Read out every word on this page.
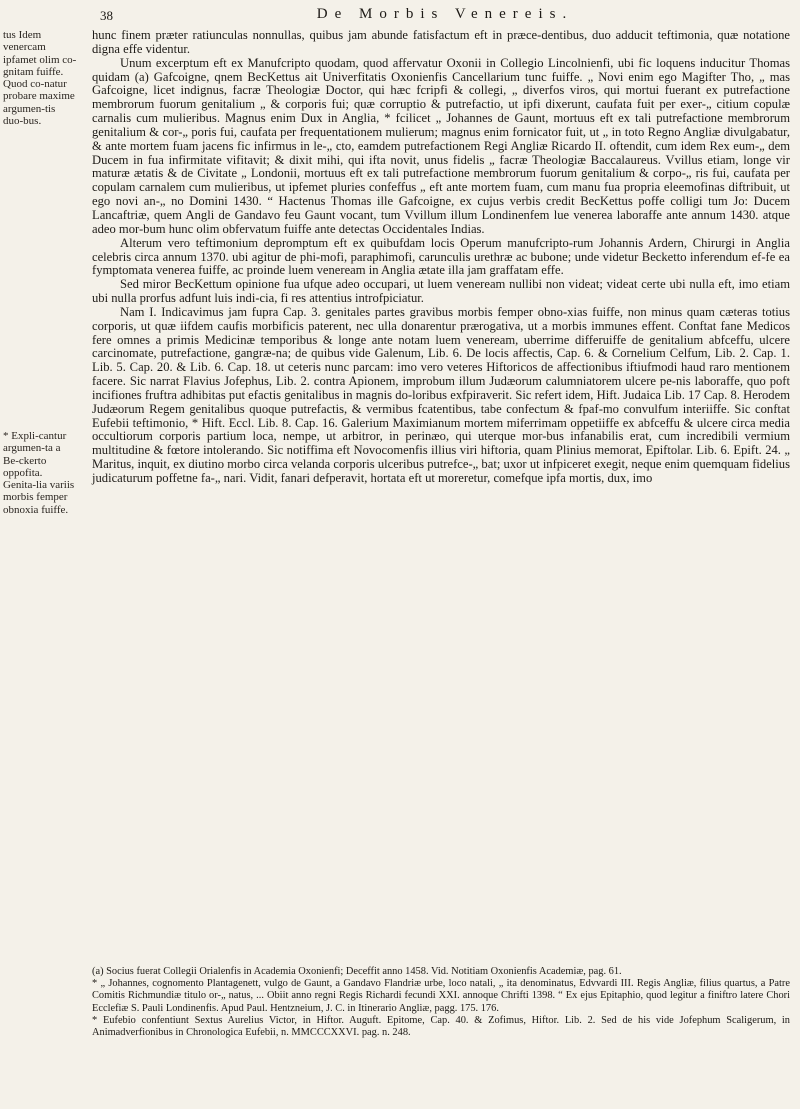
38	De Morbis Venereis.
tus Idem venercam ipfamet olim co-gnitam fuiffe. Quod co-natur probare maxime argumen-tis duo-bus.
* Expli-cantur argumen-ta a Be-ckerto oppofita. Genita-lia variis morbis femper obnoxia fuiffe.

hunc finem præter ratiunculas nonnullas, quibus jam abunde fatisfactum eft in præce-dentibus, duo adducit teftimonia, quæ notatione digna effe videntur.

Unum excerptum eft ex Manufcripto quodam, quod affervatur Oxonii in Collegio Lincolnienfi, ubi fic loquens inducitur Thomas quidam (a) Gafcoigne, qnem BecKettus ait Univerfitatis Oxonienfis Cancellarium tunc fuiffe. „ Novi enim ego Magifter Tho, „ mas Gafcoigne, licet indignus, facræ Theologiæ Doctor, qui hæc fcripfi & collegi, „ diverfos viros, qui mortui fuerant ex putrefactione membrorum fuorum genitalium „ & corporis fui; quæ corruptio & putrefactio, ut ipfi dixerunt, caufata fuit per exer-„ citium copulæ carnalis cum mulieribus. Magnus enim Dux in Anglia, * fcilicet „ Johannes de Gaunt, mortuus eft ex tali putrefactione membrorum genitalium & cor-„ poris fui, caufata per frequentationem mulierum; magnus enim fornicator fuit, ut „ in toto Regno Angliæ divulgabatur, & ante mortem fuam jacens fic infirmus in le-„ cto, eamdem putrefactionem Regi Angliæ Ricardo II. oftendit, cum idem Rex eum-„ dem Ducem in fua infirmitate vifitavit; & dixit mihi, qui ifta novit, unus fidelis „ facræ Theologiæ Baccalaureus. Vvillus etiam, longe vir maturæ ætatis & de Civitate „ Londonii, mortuus eft ex tali putrefactione membrorum fuorum genitalium & corpo-„ ris fui, caufata per copulam carnalem cum mulieribus, ut ipfemet pluries confeffus „ eft ante mortem fuam, cum manu fua propria eleemofinas diftribuit, ut ego novi an-„ no Domini 1430. “ Hactenus Thomas ille Gafcoigne, ex cujus verbis credit BecKettus poffe colligi tum Jo: Ducem Lancaftriæ, quem Angli de Gandavo feu Gaunt vocant, tum Vvillum illum Londinenfem lue venerea laboraffe ante annum 1430. atque adeo mor-bum hunc olim obfervatum fuiffe ante detectas Occidentales Indias.

Alterum vero teftimonium depromptum eft ex quibufdam locis Operum manufcripto-rum Johannis Ardern, Chirurgi in Anglia celebris circa annum 1370. ubi agitur de phi-mofi, paraphimofi, carunculis urethræ ac bubone; unde videtur Becketto inferendum ef-fe ea fymptomata venerea fuiffe, ac proinde luem veneream in Anglia ætate illa jam graffatam effe.

Sed miror BecKettum opinione fua ufque adeo occupari, ut luem veneream nullibi non videat; videat certe ubi nulla eft, imo etiam ubi nulla prorfus adfunt luis indi-cia, fi res attentius introfpiciatur.

Nam I. Indicavimus jam fupra Cap. 3. genitales partes gravibus morbis femper obno-xias fuiffe, non minus quam cæteras totius corporis, ut quæ iifdem caufis morbificis paterent, nec ulla donarentur prærogativa, ut a morbis immunes effent. Conftat fane Medicos fere omnes a primis Medicinæ temporibus & longe ante notam luem veneream, uberrime differuiffe de genitalium abfceffu, ulcere carcinomate, putrefactione, gangræ-na; de quibus vide Galenum, Lib. 6. De locis affectis, Cap. 6. & Cornelium Celfum, Lib. 2. Cap. 1. Lib. 5. Cap. 20. & Lib. 6. Cap. 18. ut ceteris nunc parcam: imo vero veteres Hiftoricos de affectionibus iftiufmodi haud raro mentionem facere. Sic narrat Flavius Jofephus, Lib. 2. contra Apionem, improbum illum Judæorum calumniatorem ulcere pe-nis laboraffe, quo poft incifiones fruftra adhibitas put efactis genitalibus in magnis do-loribus exfpiraverit. Sic refert idem, Hift. Judaica Lib. 17 Cap. 8. Herodem Judæorum Regem genitalibus quoque putrefactis, & vermibus fcatentibus, tabe confectum & fpaf-mo convulfum interiiffe. Sic conftat Eufebii teftimonio, * Hift. Eccl. Lib. 8. Cap. 16. Galerium Maximianum mortem miferrimam oppetiiffe ex abfceffu & ulcere circa media occultiorum corporis partium loca, nempe, ut arbitror, in perinæo, qui uterque mor-bus infanabilis erat, cum incredibili vermium multitudine & fœtore intolerando. Sic notiffima eft Novocomenfis illius viri hiftoria, quam Plinius memorat, Epiftolar. Lib. 6. Epift. 24. „ Maritus, inquit, ex diutino morbo circa velanda corporis ulceribus putrefce-„ bat; uxor ut infpiceret exegit, neque enim quemquam fidelius judicaturum poffetne fa-„ nari. Vidit, fanari defperavit, hortata eft ut moreretur, comefque ipfa mortis, dux, imo

(a) Socius fuerat Collegii Orialenfis in Academia Oxonienfi; Deceffit anno 1458. Vid. Notitiam Oxonienfis Academiæ, pag. 61.

* „ Johannes, cognomento Plantagenett, vulgo de Gaunt, a Gandavo Flandriæ urbe, loco natali, „ ita denominatus, Edvvardi III. Regis Angliæ, filius quartus, a Patre Comitis Richmundiæ titulo or-„ natus, ... Obiit anno regni Regis Richardi fecundi XXI. annoque Chrifti 1398. “ Ex ejus Epitaphio, quod legitur a finiftro latere Chori Ecclefiæ S. Pauli Londinenfis. Apud Paul. Hentzneium, J. C. in Itinerario Angliæ, pagg. 175. 176.

* Eufebio confentiunt Sextus Aurelius Victor, in Hiftor. Auguft. Epitome, Cap. 40. & Zofimus, Hiftor. Lib. 2. Sed de his vide Jofephum Scaligerum, in Animadverfionibus in Chronologica Eufebii, n. MMCCCXXVI. pag. n. 248.
